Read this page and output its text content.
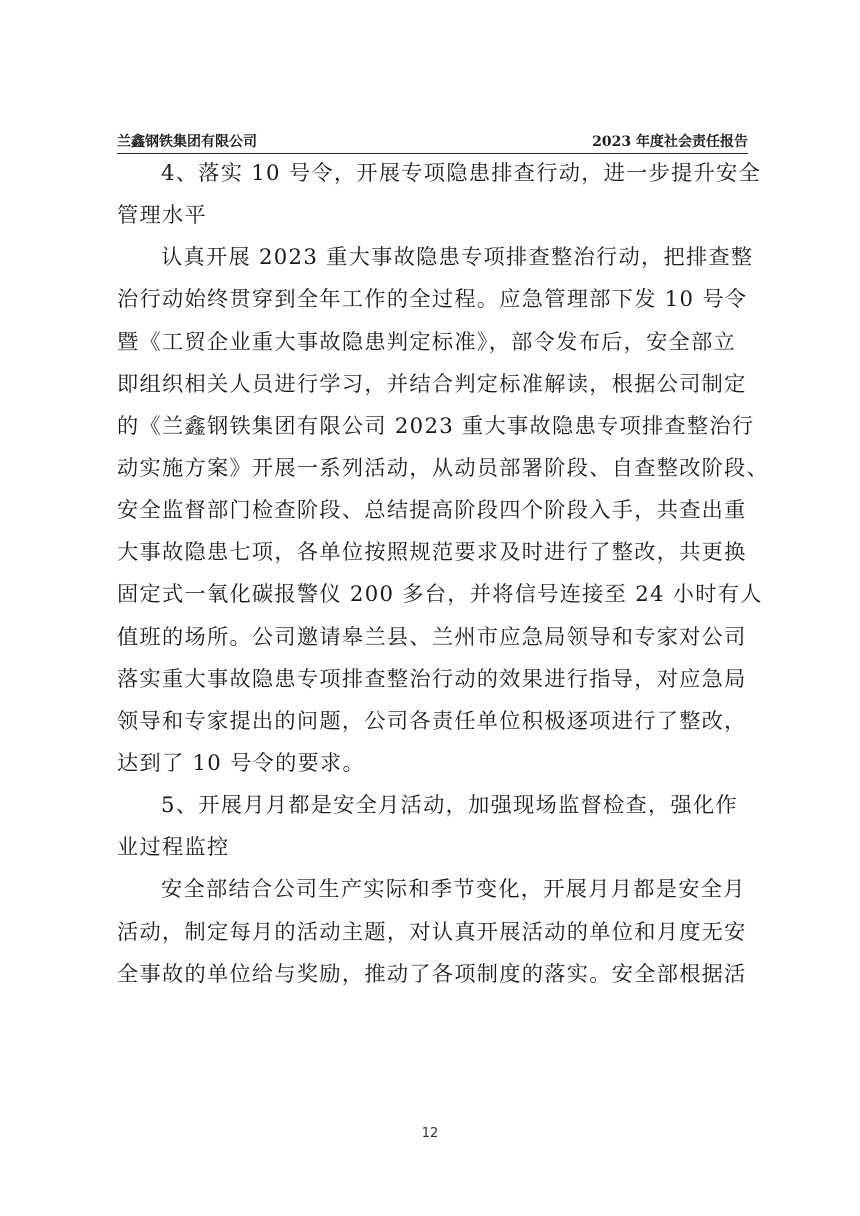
兰鑫钢铁集团有限公司	2023 年度社会责任报告
4、落实 10 号令，开展专项隐患排查行动，进一步提升安全
管理水平
认真开展 2023 重大事故隐患专项排查整治行动，把排查整
治行动始终贯穿到全年工作的全过程。应急管理部下发 10 号令
暨《工贸企业重大事故隐患判定标准》，部令发布后，安全部立
即组织相关人员进行学习，并结合判定标准解读，根据公司制定
的《兰鑫钢铁集团有限公司 2023 重大事故隐患专项排查整治行
动实施方案》开展一系列活动，从动员部署阶段、自查整改阶段、
安全监督部门检查阶段、总结提高阶段四个阶段入手，共查出重
大事故隐患七项，各单位按照规范要求及时进行了整改，共更换
固定式一氧化碳报警仪 200 多台，并将信号连接至 24 小时有人
值班的场所。公司邀请皋兰县、兰州市应急局领导和专家对公司
落实重大事故隐患专项排查整治行动的效果进行指导，对应急局
领导和专家提出的问题，公司各责任单位积极逐项进行了整改，
达到了 10 号令的要求。
5、开展月月都是安全月活动，加强现场监督检查，强化作
业过程监控
安全部结合公司生产实际和季节变化，开展月月都是安全月
活动，制定每月的活动主题，对认真开展活动的单位和月度无安
全事故的单位给与奖励，推动了各项制度的落实。安全部根据活
12
